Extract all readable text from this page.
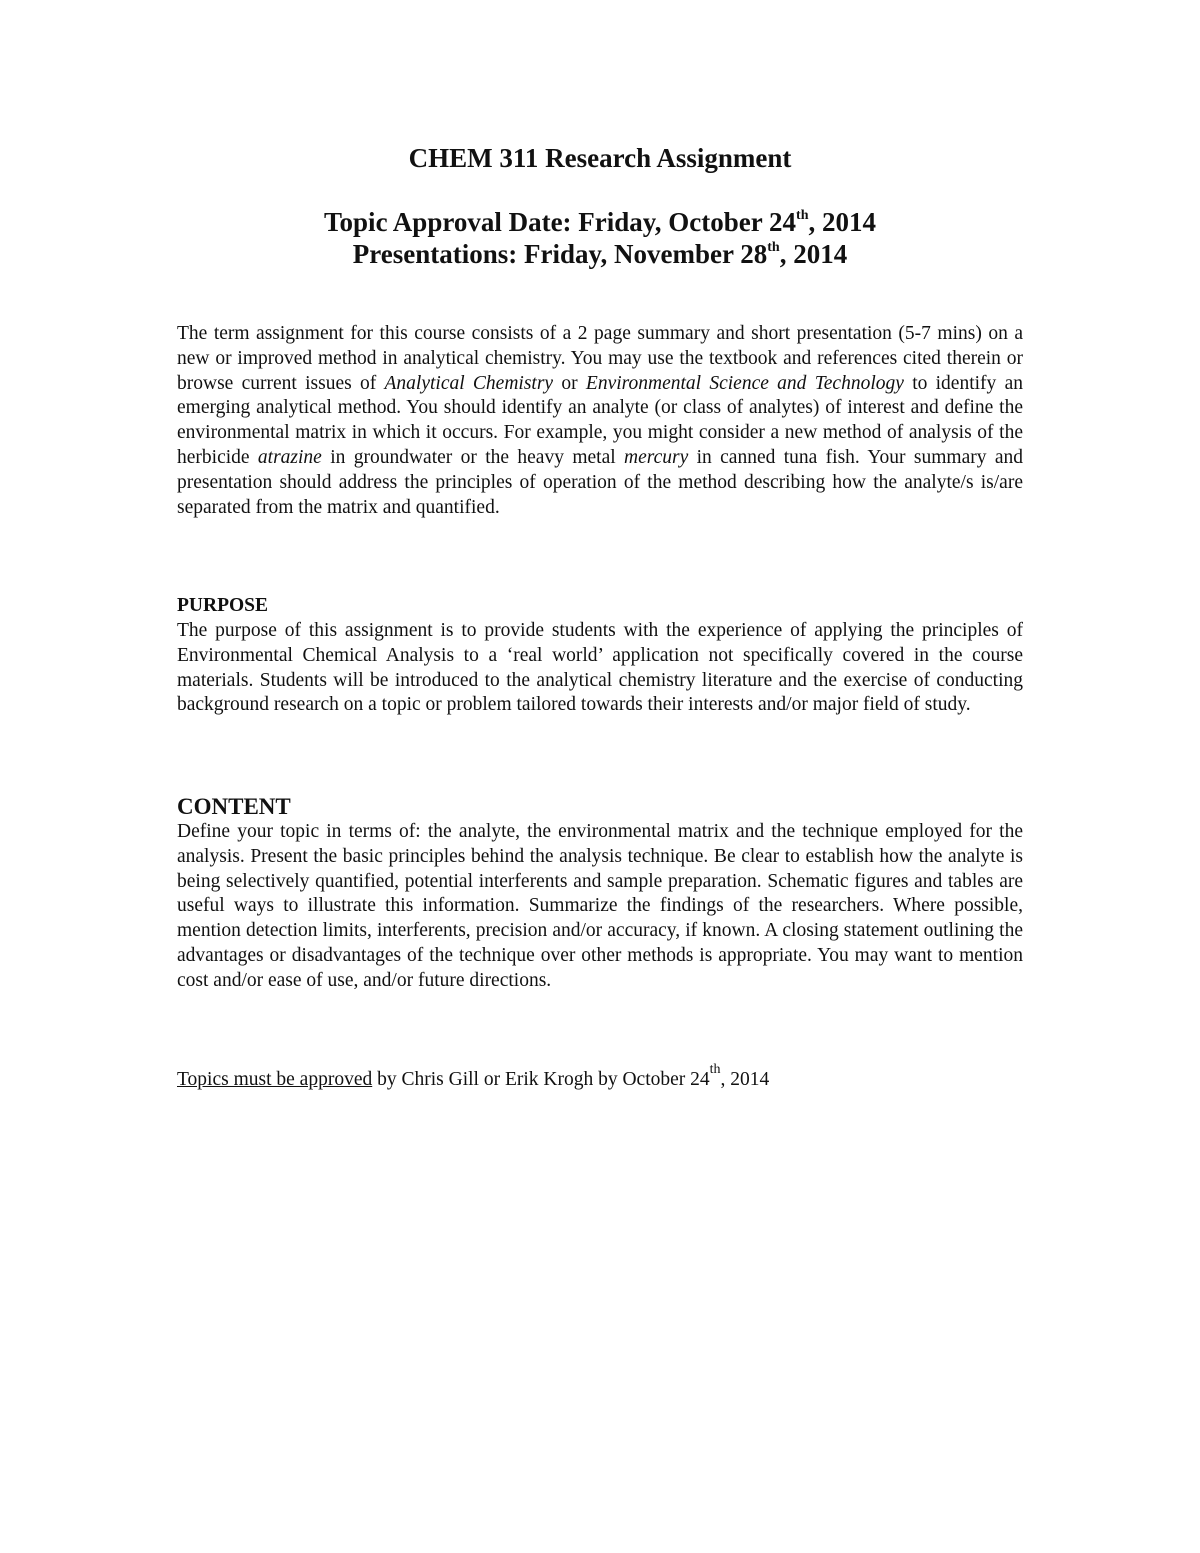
CHEM 311 Research Assignment
Topic Approval Date: Friday, October 24th, 2014
Presentations: Friday, November 28th, 2014

The term assignment for this course consists of a 2 page summary and short presentation (5-7 mins) on a new or improved method in analytical chemistry. You may use the textbook and references cited therein or browse current issues of Analytical Chemistry or Environmental Science and Technology to identify an emerging analytical method. You should identify an analyte (or class of analytes) of interest and define the environmental matrix in which it occurs. For example, you might consider a new method of analysis of the herbicide atrazine in groundwater or the heavy metal mercury in canned tuna fish. Your summary and presentation should address the principles of operation of the method describing how the analyte/s is/are separated from the matrix and quantified.

PURPOSE

The purpose of this assignment is to provide students with the experience of applying the principles of Environmental Chemical Analysis to a ‘real world’ application not specifically covered in the course materials. Students will be introduced to the analytical chemistry literature and the exercise of conducting background research on a topic or problem tailored towards their interests and/or major field of study.

CONTENT

Define your topic in terms of: the analyte, the environmental matrix and the technique employed for the analysis. Present the basic principles behind the analysis technique. Be clear to establish how the analyte is being selectively quantified, potential interferents and sample preparation. Schematic figures and tables are useful ways to illustrate this information. Summarize the findings of the researchers. Where possible, mention detection limits, interferents, precision and/or accuracy, if known. A closing statement outlining the advantages or disadvantages of the technique over other methods is appropriate. You may want to mention cost and/or ease of use, and/or future directions.

Topics must be approved by Chris Gill or Erik Krogh by October 24th, 2014
